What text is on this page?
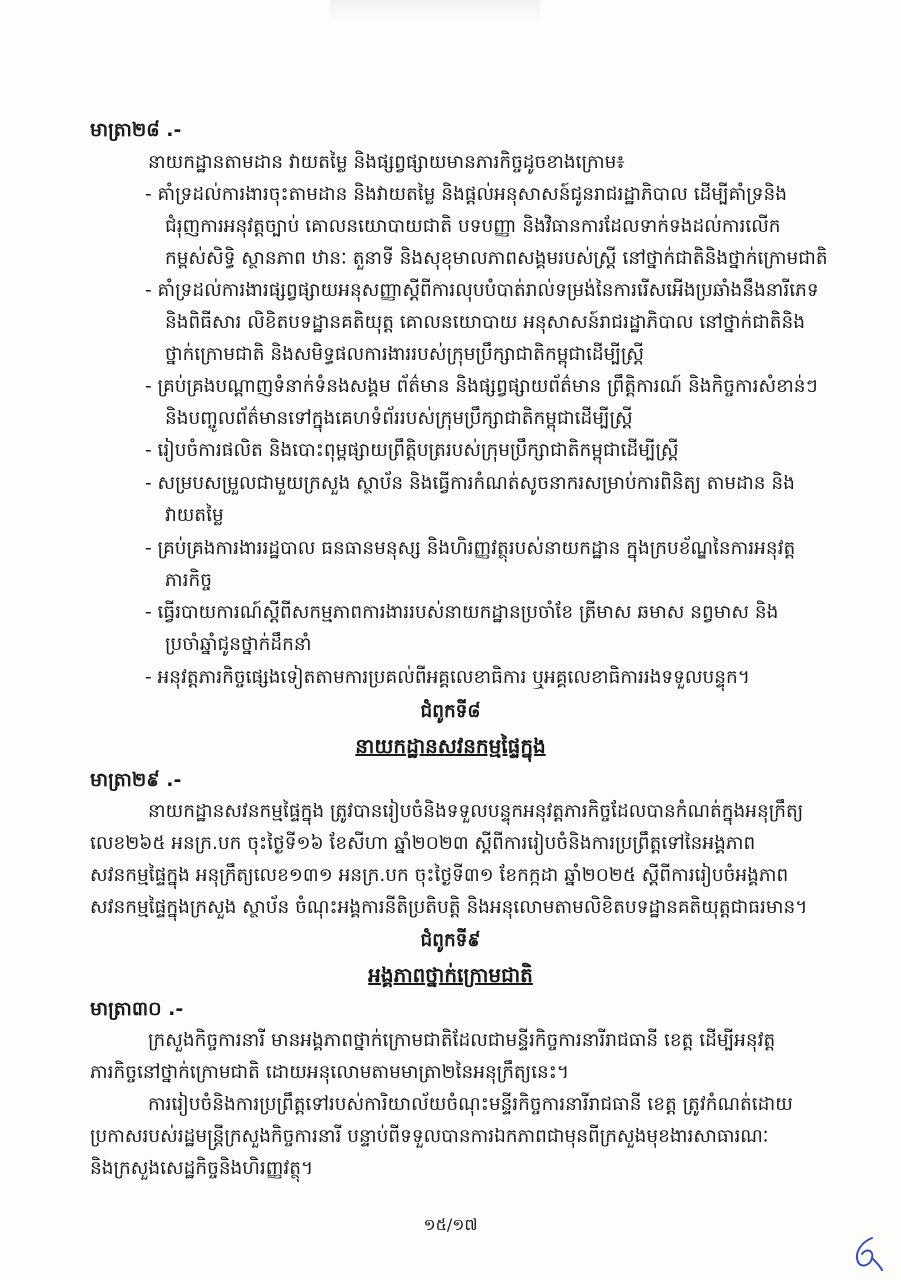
មាត្រា២៨ .-
នាយកដ្ឋានតាមដាន វាយតម្លៃ និងផ្សព្វផ្សាយមានភារកិច្ចដូចខាងក្រោម៖
- គាំទ្រដល់ការងារចុះតាមដាន និងវាយតម្លៃ និងផ្តល់អនុសាសន៍ជូនរាជរដ្ឋាភិបាល ដើម្បីគាំទ្រនិង
ជំរុញការអនុវត្តច្បាប់ គោលនយោបាយជាតិ បទបញ្ញា និងវិធានការដែលទាក់ទងដល់ការលើក
កម្ពស់សិទ្ធិ ស្ថានភាព ឋានៈ តួនាទី និងសុខុមាលភាពសង្គមរបស់ស្ត្រី នៅថ្នាក់ជាតិនិងថ្នាក់ក្រោមជាតិ
- គាំទ្រដល់ការងារផ្សព្វផ្សាយអនុសញ្ញាស្តីពីការលុបបំបាត់រាល់ទម្រង់នៃការរើសអើងប្រឆាំងនឹងនារីភេទ
និងពិធីសារ លិខិតបទដ្ឋានគតិយុត្ត គោលនយោបាយ អនុសាសន៍រាជរដ្ឋាភិបាល នៅថ្នាក់ជាតិនិង
ថ្នាក់ក្រោមជាតិ និងសមិទ្ធផលការងាររបស់ក្រុមប្រឹក្សាជាតិកម្ពុជាដើម្បីស្ត្រី
- គ្រប់គ្រងបណ្តាញទំនាក់ទំនងសង្គម ព័ត៌មាន និងផ្សព្វផ្សាយព័ត៌មាន ព្រឹត្តិការណ៍ និងកិច្ចការសំខាន់ៗ
និងបញ្ចូលព័ត៌មានទៅក្នុងគេហទំព័ររបស់ក្រុមប្រឹក្សាជាតិកម្ពុជាដើម្បីស្ត្រី
- រៀបចំការផលិត និងបោះពុម្ពផ្សាយព្រឹត្តិបត្ររបស់ក្រុមប្រឹក្សាជាតិកម្ពុជាដើម្បីស្ត្រី
- សម្របសម្រួលជាមួយក្រសួង ស្ថាប័ន និងធ្វើការកំណត់សូចនាករសម្រាប់ការពិនិត្យ តាមដាន និង
វាយតម្លៃ
- គ្រប់គ្រងការងាររដ្ឋបាល ធនធានមនុស្ស និងហិរញ្ញវត្ថុរបស់នាយកដ្ឋាន ក្នុងក្របខ័ណ្ឌនៃការអនុវត្ត
ភារកិច្ច
- ធ្វើរបាយការណ៍ស្តីពីសកម្មភាពការងាររបស់នាយកដ្ឋានប្រចាំខែ ត្រីមាស ឆមាស នព្វមាស និង
ប្រចាំឆ្នាំជូនថ្នាក់ដឹកនាំ
- អនុវត្តភារកិច្ចផ្សេងទៀតតាមការប្រគល់ពីអគ្គលេខាធិការ ឬអគ្គលេខាធិការរងទទួលបន្ទុក។
ជំពូកទី៨
នាយកដ្ឋានសវនកម្មផ្ទៃក្នុង
មាត្រា២៩ .-
នាយកដ្ឋានសវនកម្មផ្ទៃក្នុង ត្រូវបានរៀបចំនិងទទួលបន្ទុកអនុវត្តភារកិច្ចដែលបានកំណត់ក្នុងអនុក្រឹត្យ
លេខ២៦៥ អនក្រ.បក ចុះថ្ងៃទី១៦ ខែសីហា ឆ្នាំ២០២៣ ស្តីពីការរៀបចំនិងការប្រព្រឹត្តទៅនៃអង្គភាព
សវនកម្មផ្ទៃក្នុង អនុក្រឹត្យលេខ១៣១ អនក្រ.បក ចុះថ្ងៃទី៣១ ខែកក្កដា ឆ្នាំ២០២៥ ស្តីពីការរៀបចំអង្គភាព
សវនកម្មផ្ទៃក្នុងក្រសួង ស្ថាប័ន ចំណុះអង្គការនីតិប្រតិបត្តិ និងអនុលោមតាមលិខិតបទដ្ឋានគតិយុត្តជាធរមាន។
ជំពូកទី៩
អង្គភាពថ្នាក់ក្រោមជាតិ
មាត្រា៣០ .-
ក្រសួងកិច្ចការនារី មានអង្គភាពថ្នាក់ក្រោមជាតិដែលជាមន្ទីរកិច្ចការនារីរាជធានី ខេត្ត ដើម្បីអនុវត្ត
ភារកិច្ចនៅថ្នាក់ក្រោមជាតិ ដោយអនុលោមតាមមាត្រា២នៃអនុក្រឹត្យនេះ។
ការរៀបចំនិងការប្រព្រឹត្តទៅរបស់ការិយាល័យចំណុះមន្ទីរកិច្ចការនារីរាជធានី ខេត្ត ត្រូវកំណត់ដោយ
ប្រកាសរបស់រដ្ឋមន្ត្រីក្រសួងកិច្ចការនារី បន្ទាប់ពីទទួលបានការឯកភាពជាមុនពីក្រសួងមុខងារសាធារណៈ
និងក្រសួងសេដ្ឋកិច្ចនិងហិរញ្ញវត្ថុ។
១៥/១៧
